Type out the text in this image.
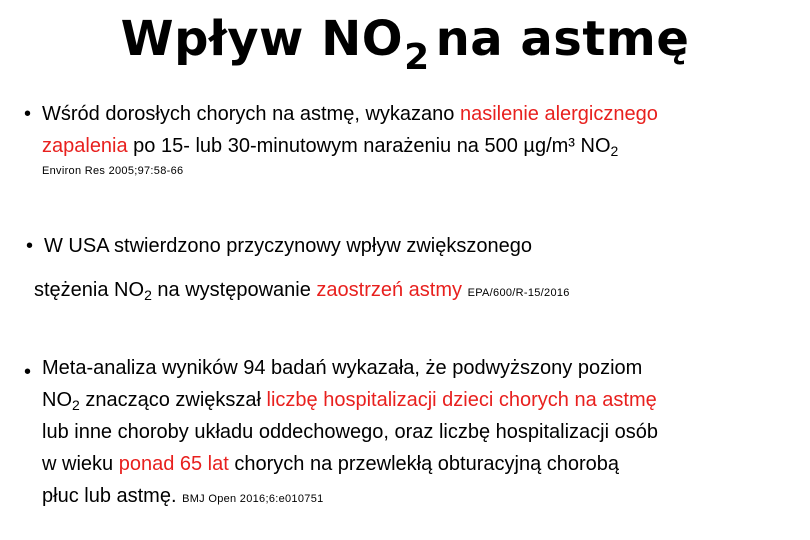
Wpływ $NO_2$ na astmę
• Wśród dorosłych chorych na astmę, wykazano nasilenie alergicznego
zapalenia po 15- lub 30-minutowym narażeniu na 500 µg/m³ $NO_2$
Environ Res 2005;97:58-66
• W USA stwierdzono przyczynowy wpływ zwiększonego
stężenia $NO_2$ na występowanie zaostrzeń astmy EPA/600/R-15/2016
• Meta-analiza wyników 94 badań wykazała, że podwyższony poziom
$NO_2$ znacząco zwiększał liczbę hospitalizacji dzieci chorych na astmę
lub inne choroby układu oddechowego, oraz liczbę hospitalizacji osób
w wieku ponad 65 lat chorych na przewlekłą obturacyjną chorobą
płuc lub astmę. BMJ Open 2016;6:e010751
